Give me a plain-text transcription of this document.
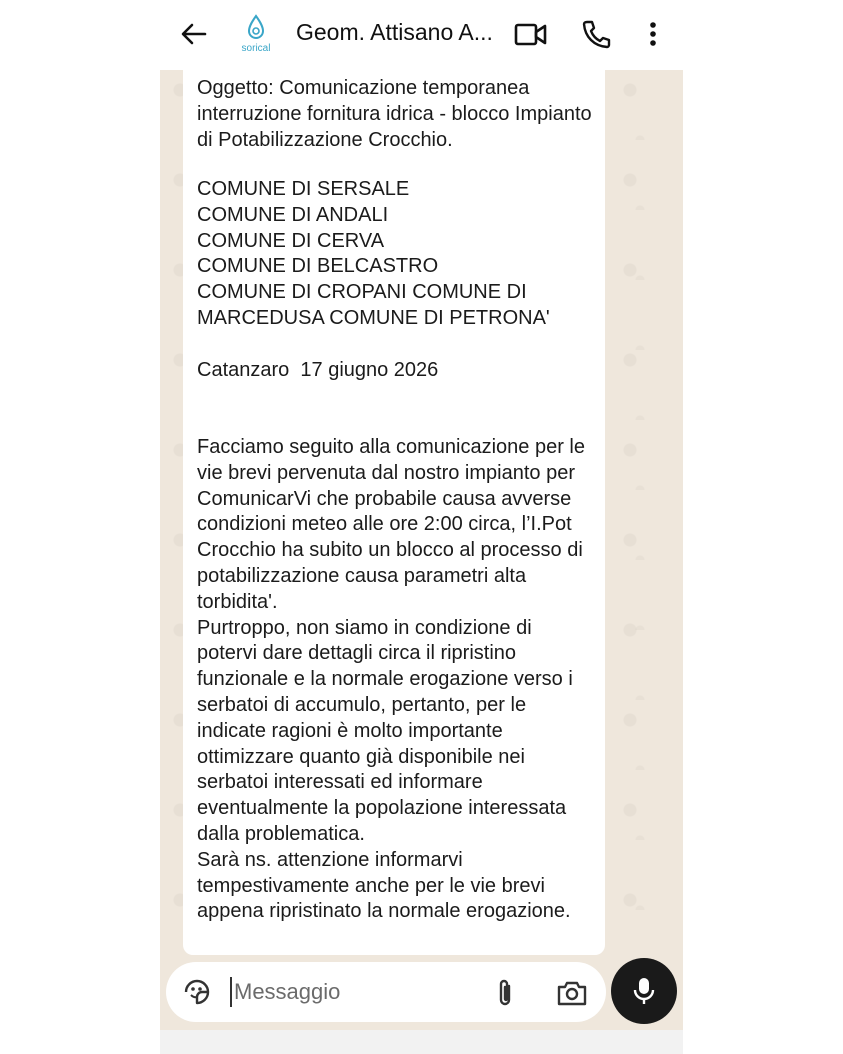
sorical
Geom. Attisano A...

Oggetto: Comunicazione temporanea interruzione fornitura idrica - blocco Impianto di Potabilizzazione Crocchio.

COMUNE DI SERSALE
COMUNE DI ANDALI
COMUNE DI CERVA
COMUNE DI BELCASTRO
COMUNE DI CROPANI COMUNE DI MARCEDUSA COMUNE DI PETRONA'

Catanzaro  17 giugno 2026

Facciamo seguito alla comunicazione per le vie brevi pervenuta dal nostro impianto per ComunicarVi che probabile causa avverse condizioni meteo alle ore 2:00 circa, l’I.Pot Crocchio ha subito un blocco al processo di potabilizzazione causa parametri alta torbidita'.
Purtroppo, non siamo in condizione di potervi dare dettagli circa il ripristino funzionale e la normale erogazione verso i serbatoi di accumulo, pertanto, per le indicate ragioni è molto importante ottimizzare quanto già disponibile nei serbatoi interessati ed informare eventualmente la popolazione interessata dalla problematica.
Sarà ns. attenzione informarvi tempestivamente anche per le vie brevi appena ripristinato la normale erogazione.

Messaggio
